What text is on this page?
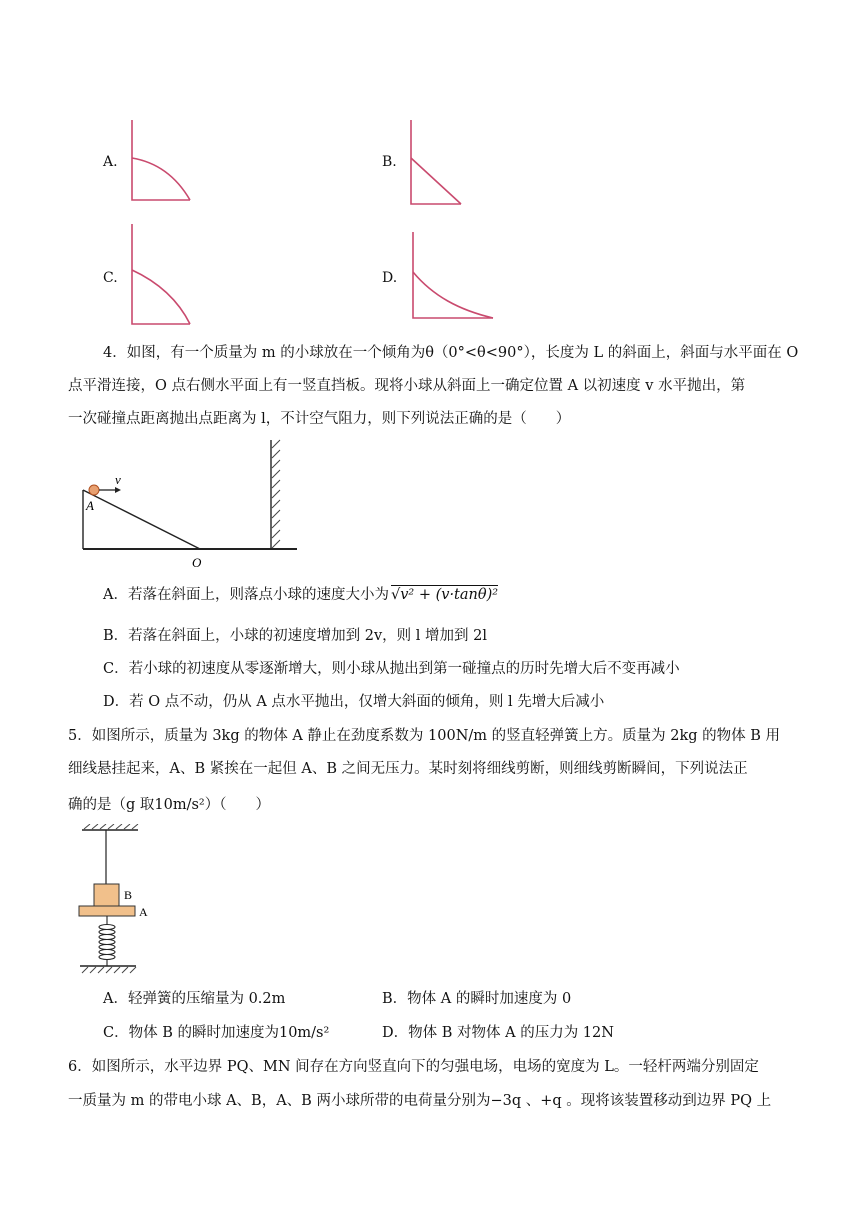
A.	B.
C.	D.
4．如图，有一个质量为 m 的小球放在一个倾角为θ（0°<θ<90°），长度为 L 的斜面上，斜面与水平面在 O
点平滑连接，O 点右侧水平面上有一竖直挡板。现将小球从斜面上一确定位置 A 以初速度 v 水平抛出，第
一次碰撞点距离抛出点距离为 l，不计空气阻力，则下列说法正确的是（　　）
v
A
O
A．若落在斜面上，则落点小球的速度大小为 √v² + (v·tanθ)²
B．若落在斜面上，小球的初速度增加到 2v，则 l 增加到 2l
C．若小球的初速度从零逐渐增大，则小球从抛出到第一碰撞点的历时先增大后不变再减小
D．若 O 点不动，仍从 A 点水平抛出，仅增大斜面的倾角，则 l 先增大后减小
5．如图所示，质量为 3kg 的物体 A 静止在劲度系数为 100N/m 的竖直轻弹簧上方。质量为 2kg 的物体 B 用
细线悬挂起来，A、B 紧挨在一起但 A、B 之间无压力。某时刻将细线剪断，则细线剪断瞬间，下列说法正
确的是（g 取10m/s²）（　　）
B
A
A．轻弹簧的压缩量为 0.2m	B．物体 A 的瞬时加速度为 0
C．物体 B 的瞬时加速度为10m/s²	D．物体 B 对物体 A 的压力为 12N
6．如图所示，水平边界 PQ、MN 间存在方向竖直向下的匀强电场，电场的宽度为 L。一轻杆两端分别固定
一质量为 m 的带电小球 A、B，A、B 两小球所带的电荷量分别为−3q 、+q 。现将该装置移动到边界 PQ 上
